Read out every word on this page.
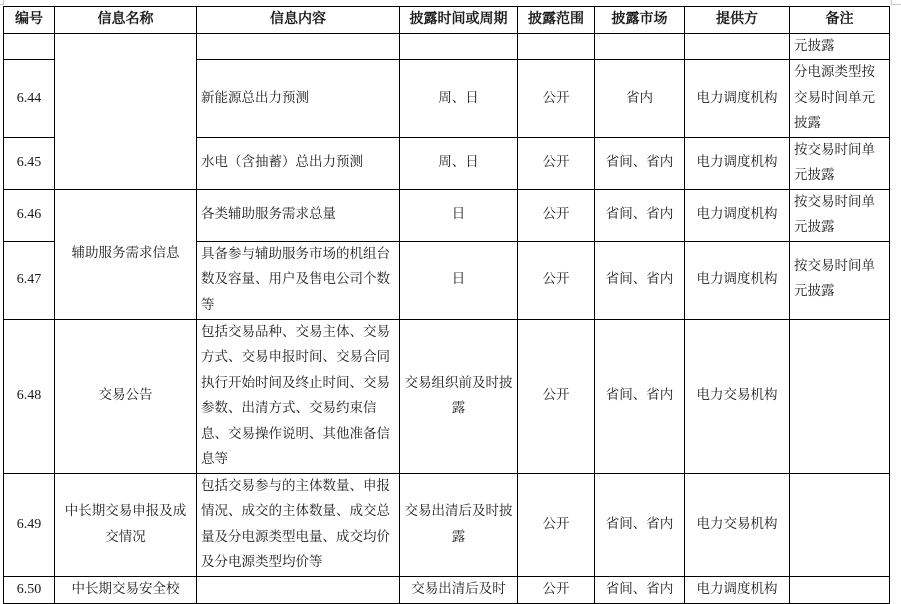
编号	信息名称	信息内容	披露时间或周期	披露范围	披露市场	提供方	备注
							元披露
6.44		新能源总出力预测	周、日	公开	省内	电力调度机构	分电源类型按交易时间单元披露
6.45		水电（含抽蓄）总出力预测	周、日	公开	省间、省内	电力调度机构	按交易时间单元披露
6.46	辅助服务需求信息	各类辅助服务需求总量	日	公开	省间、省内	电力调度机构	按交易时间单元披露
6.47		具备参与辅助服务市场的机组台数及容量、用户及售电公司个数等	日	公开	省间、省内	电力调度机构	按交易时间单元披露
6.48	交易公告	包括交易品种、交易主体、交易方式、交易申报时间、交易合同执行开始时间及终止时间、交易参数、出清方式、交易约束信息、交易操作说明、其他准备信息等	交易组织前及时披露	公开	省间、省内	电力交易机构	
6.49	中长期交易申报及成交情况	包括交易参与的主体数量、申报情况、成交的主体数量、成交总量及分电源类型电量、成交均价及分电源类型均价等	交易出清后及时披露	公开	省间、省内	电力交易机构	
6.50	中长期交易安全校		交易出清后及时	公开	省间、省内	电力调度机构	
